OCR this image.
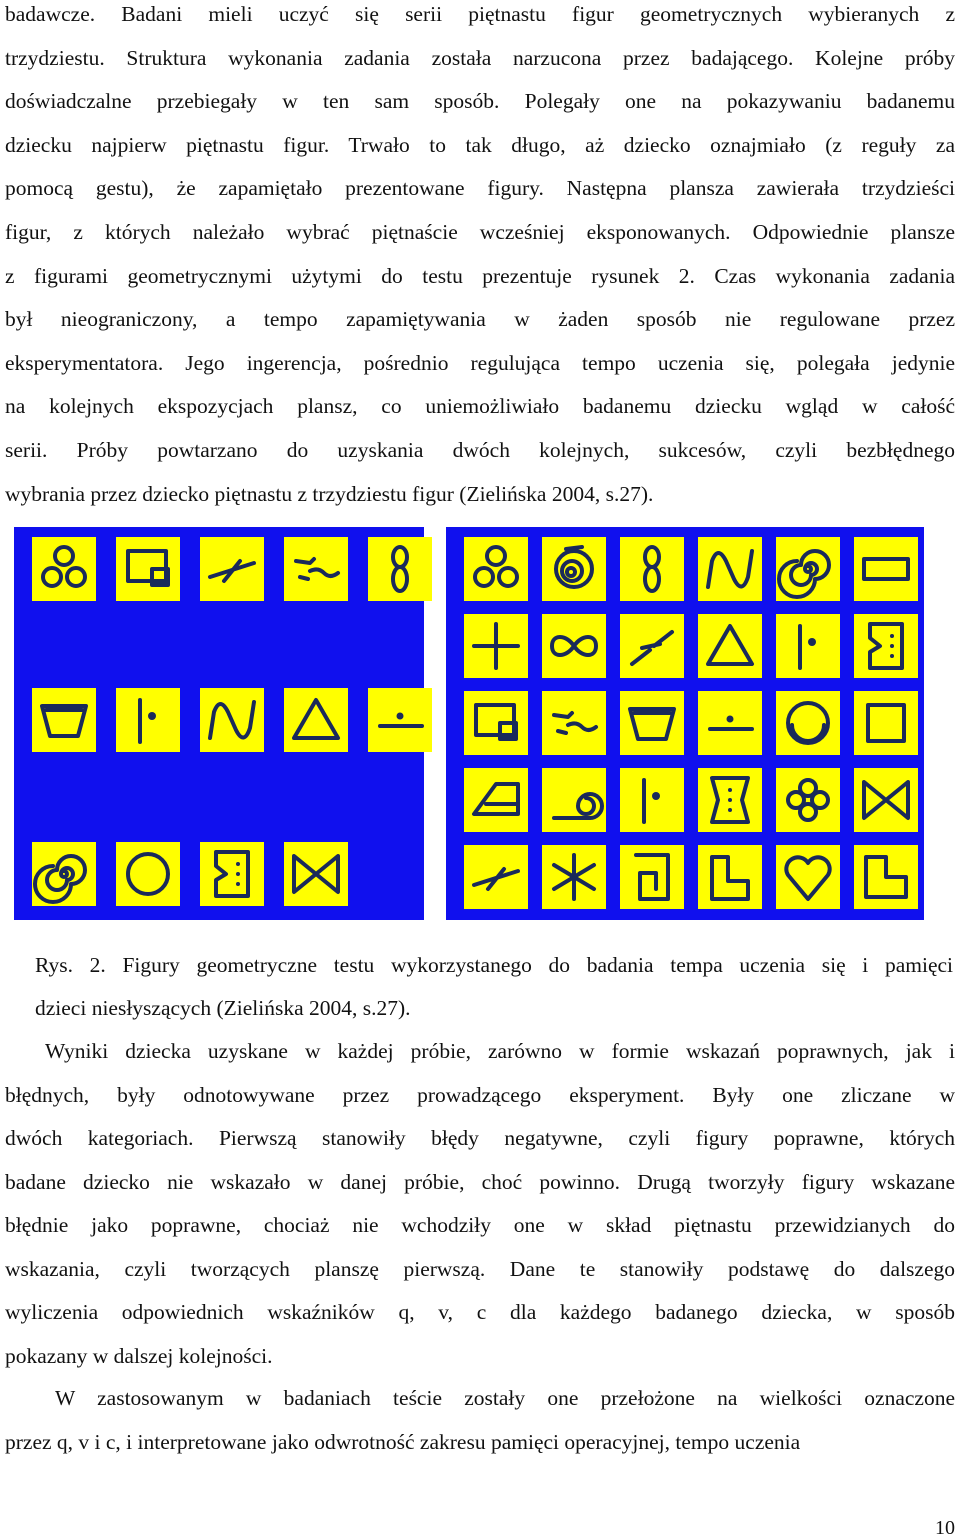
badawcze. Badani mieli uczyć się serii piętnastu figur geometrycznych wybieranych z
trzydziestu. Struktura wykonania zadania została narzucona przez badającego. Kolejne próby
doświadczalne przebiegały w ten sam sposób. Polegały one na pokazywaniu badanemu
dziecku najpierw piętnastu figur. Trwało to tak długo, aż dziecko oznajmiało (z reguły za
pomocą gestu), że zapamiętało prezentowane figury. Następna plansza zawierała trzydzieści
figur, z których należało wybrać piętnaście wcześniej eksponowanych. Odpowiednie plansze
z figurami geometrycznymi użytymi do testu prezentuje rysunek 2. Czas wykonania zadania
był nieograniczony, a tempo zapamiętywania w żaden sposób nie regulowane przez
eksperymentatora. Jego ingerencja, pośrednio regulująca tempo uczenia się, polegała jedynie
na kolejnych ekspozycjach plansz, co uniemożliwiało badanemu dziecku wgląd w całość
serii. Próby powtarzano do uzyskania dwóch kolejnych, sukcesów, czyli bezbłędnego
wybrania przez dziecko piętnastu z trzydziestu figur (Zielińska 2004, s.27).
Rys. 2. Figury geometryczne testu wykorzystanego do badania tempa uczenia się i pamięci
dzieci niesłyszących (Zielińska 2004, s.27).
Wyniki dziecka uzyskane w każdej próbie, zarówno w formie wskazań poprawnych, jak i
błędnych, były odnotowywane przez prowadzącego eksperyment. Były one zliczane w
dwóch kategoriach. Pierwszą stanowiły błędy negatywne, czyli figury poprawne, których
badane dziecko nie wskazało w danej próbie, choć powinno. Drugą tworzyły figury wskazane
błędnie jako poprawne, chociaż nie wchodziły one w skład piętnastu przewidzianych do
wskazania, czyli tworzących planszę pierwszą. Dane te stanowiły podstawę do dalszego
wyliczenia odpowiednich wskaźników q, v, c dla każdego badanego dziecka, w sposób
pokazany w dalszej kolejności.
W zastosowanym w badaniach teście zostały one przełożone na wielkości oznaczone
przez q, v i c, i interpretowane jako odwrotność zakresu pamięci operacyjnej, tempo uczenia
10
